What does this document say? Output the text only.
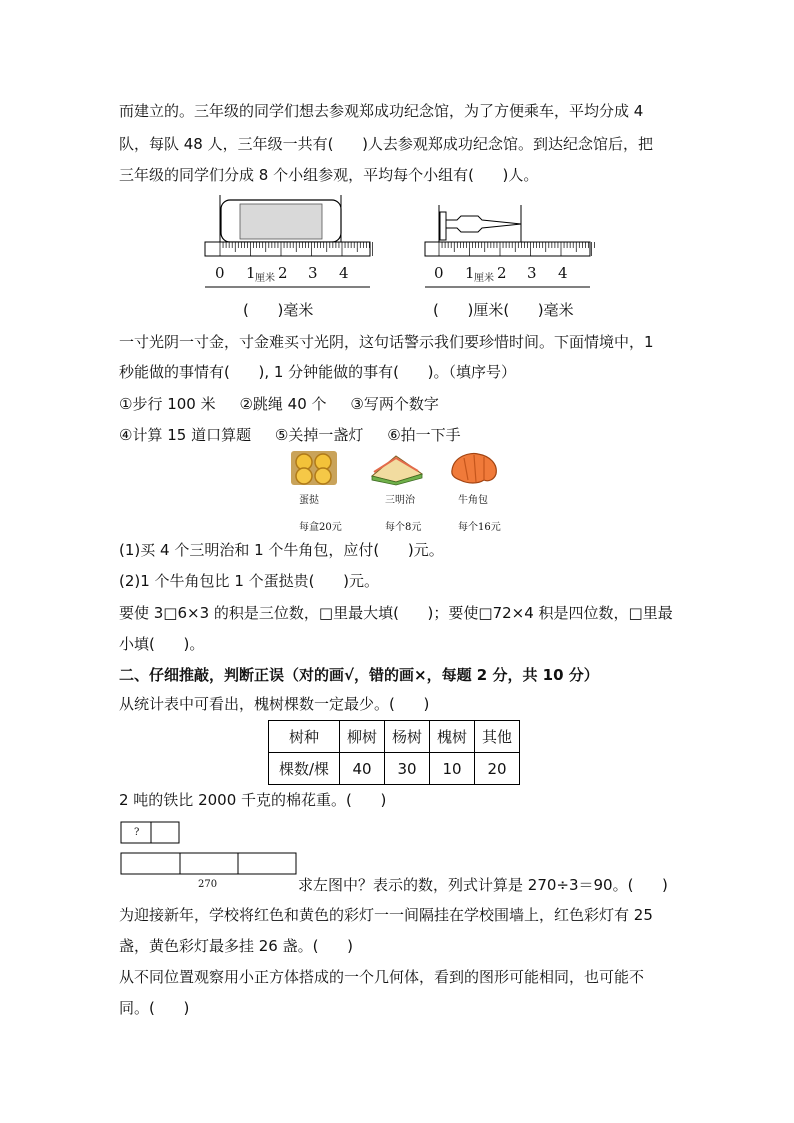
而建立的。三年级的同学们想去参观郑成功纪念馆，为了方便乘车，平均分成 4
队，每队 48 人，三年级一共有(      )人去参观郑成功纪念馆。到达纪念馆后，把
三年级的同学们分成 8 个小组参观，平均每个小组有(      )人。
0 1 厘米 2 3 4	0 1 厘米 2 3 4
(      )毫米	(      )厘米(      )毫米
一寸光阴一寸金，寸金难买寸光阴，这句话警示我们要珍惜时间。下面情境中，1
秒能做的事情有(      ), 1 分钟能做的事有(      )。（填序号）
①步行 100 米     ②跳绳 40 个     ③写两个数字
④计算 15 道口算题     ⑤关掉一盏灯     ⑥拍一下手
蛋挞	三明治	牛角包
每盒20元	每个8元	每个16元
(1)买 4 个三明治和 1 个牛角包，应付(      )元。
(2)1 个牛角包比 1 个蛋挞贵(      )元。
要使 3□6×3 的积是三位数，□里最大填(      )；要使□72×4 积是四位数，□里最
小填(      )。
二、仔细推敲，判断正误（对的画√，错的画×，每题 2 分，共 10 分）
从统计表中可看出，槐树棵数一定最少。(      )
树种	柳树	杨树	槐树	其他
棵数/棵	40	30	10	20
2 吨的铁比 2000 千克的棉花重。(      )
?
270	求左图中？表示的数，列式计算是 270÷3＝90。(      )
为迎接新年，学校将红色和黄色的彩灯一一间隔挂在学校围墙上，红色彩灯有 25
盏，黄色彩灯最多挂 26 盏。(      )
从不同位置观察用小正方体搭成的一个几何体，看到的图形可能相同，也可能不
同。(      )
